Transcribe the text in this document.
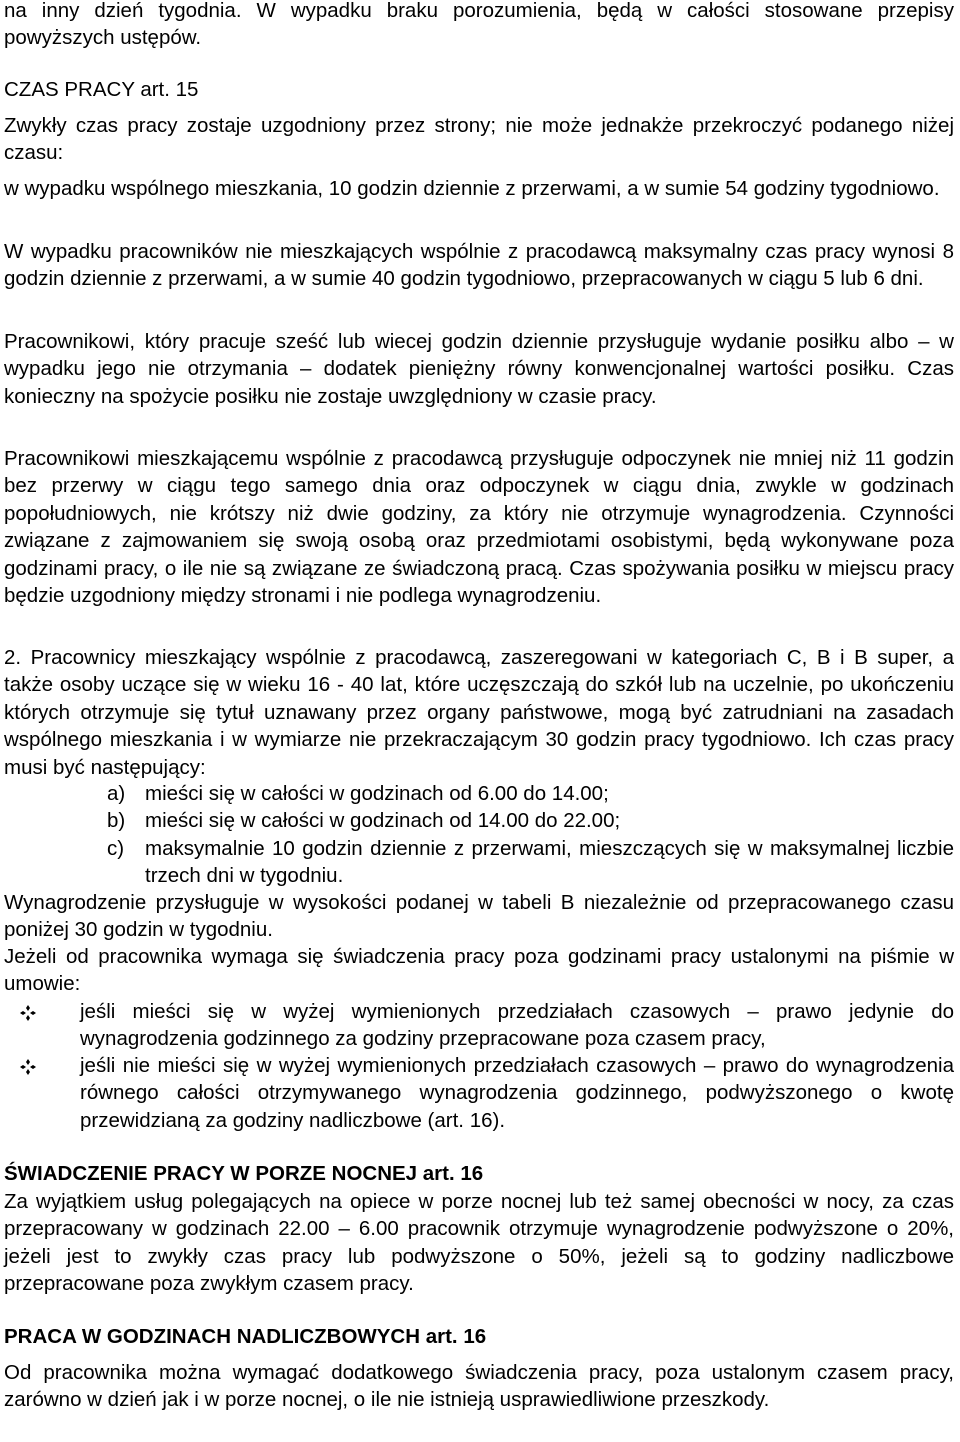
na inny dzień tygodnia. W wypadku braku porozumienia, będą w całości stosowane przepisy powyższych ustępów.

CZAS PRACY art. 15

Zwykły czas pracy zostaje uzgodniony przez strony; nie może jednakże przekroczyć podanego niżej czasu:

w wypadku wspólnego mieszkania, 10 godzin dziennie z przerwami, a w sumie 54 godziny tygodniowo.

W wypadku pracowników nie mieszkających wspólnie z pracodawcą maksymalny czas pracy wynosi 8 godzin dziennie z przerwami, a w sumie 40 godzin tygodniowo, przepracowanych w ciągu 5 lub 6 dni.

Pracownikowi, który pracuje sześć lub wiecej godzin dziennie przysługuje wydanie posiłku albo – w wypadku jego nie otrzymania – dodatek pieniężny równy konwencjonalnej wartości posiłku. Czas konieczny na spożycie posiłku nie zostaje uwzględniony w czasie pracy.

Pracownikowi mieszkającemu wspólnie z pracodawcą przysługuje odpoczynek nie mniej niż 11 godzin bez przerwy w ciągu tego samego dnia oraz odpoczynek w ciągu dnia, zwykle w godzinach popołudniowych, nie krótszy niż dwie godziny, za który nie otrzymuje wynagrodzenia. Czynności związane z zajmowaniem się swoją osobą oraz przedmiotami osobistymi, będą wykonywane poza godzinami pracy, o ile nie są związane ze świadczoną pracą. Czas spożywania posiłku w miejscu pracy będzie uzgodniony między stronami i nie podlega wynagrodzeniu.

2. Pracownicy mieszkający wspólnie z pracodawcą, zaszeregowani w kategoriach C, B i B super, a także osoby uczące się w wieku 16 - 40 lat, które uczęszczają do szkół lub na uczelnie, po ukończeniu których otrzymuje się tytuł uznawany przez organy państwowe, mogą być zatrudniani na zasadach wspólnego mieszkania i w wymiarze nie przekraczającym 30 godzin pracy tygodniowo. Ich czas pracy musi być następujący:

a) mieści się w całości w godzinach od 6.00 do 14.00;

b) mieści się w całości w godzinach od 14.00 do 22.00;

c) maksymalnie 10 godzin dziennie z przerwami, mieszczących się w maksymalnej liczbie trzech dni w tygodniu.

Wynagrodzenie przysługuje w wysokości podanej w tabeli B niezależnie od przepracowanego czasu poniżej 30 godzin w tygodniu.

Jeżeli od pracownika wymaga się świadczenia pracy poza godzinami pracy ustalonymi na piśmie w umowie:

jeśli mieści się w wyżej wymienionych przedziałach czasowych – prawo jedynie do wynagrodzenia godzinnego za godziny przepracowane poza czasem pracy,

jeśli nie mieści się w wyżej wymienionych przedziałach czasowych – prawo do wynagrodzenia równego całości otrzymywanego wynagrodzenia godzinnego, podwyższonego o kwotę przewidzianą za godziny nadliczbowe (art. 16).

ŚWIADCZENIE PRACY W PORZE NOCNEJ art. 16

Za wyjątkiem usług polegających na opiece w porze nocnej lub też samej obecności w nocy, za czas przepracowany w godzinach 22.00 – 6.00 pracownik otrzymuje wynagrodzenie podwyższone o 20%, jeżeli jest to zwykły czas pracy lub podwyższone o 50%, jeżeli są to godziny nadliczbowe przepracowane poza zwykłym czasem pracy.

PRACA W GODZINACH NADLICZBOWYCH art. 16

Od pracownika można wymagać dodatkowego świadczenia pracy, poza ustalonym czasem pracy, zarówno w dzień jak i w porze nocnej, o ile nie istnieją usprawiedliwione przeszkody.
